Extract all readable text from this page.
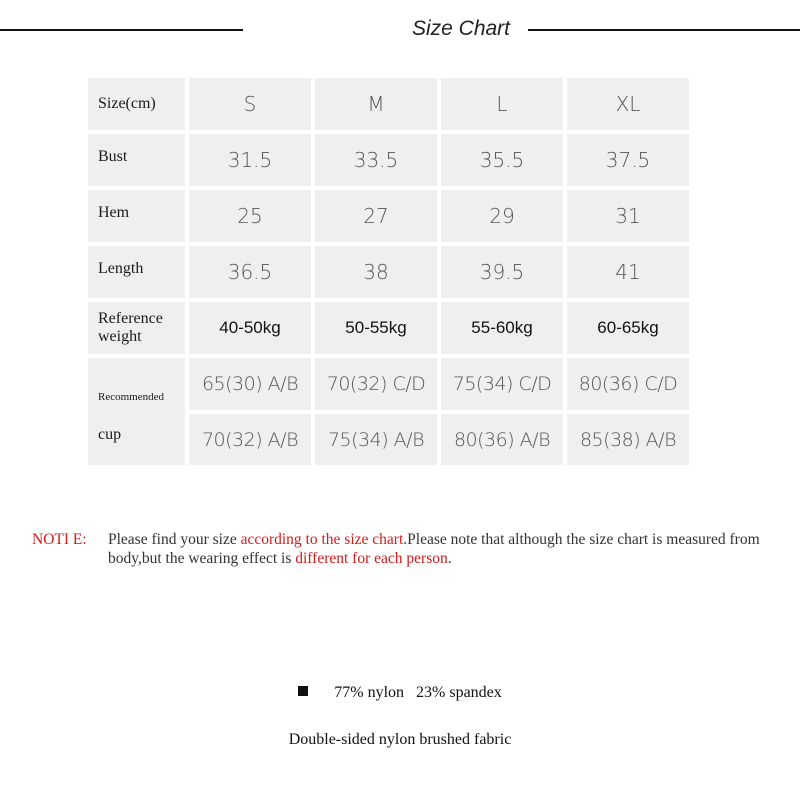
Size Chart
Size(cm)	S	M	L	XL
Bust	31.5	33.5	35.5	37.5
Hem	25	27	29	31
Length	36.5	38	39.5	41
Reference
weight	40-50kg	50-55kg	55-60kg	60-65kg

Recommended
cup	65(30) A/B	70(32) C/D	75(34) C/D	80(36) C/D
	70(32) A/B	75(34) A/B	80(36) A/B	85(38) A/B
NOTI E: Please find your size according to the size chart.Please note that although the size chart is measured from body,but the wearing effect is different for each person.
77% nylon   23% spandex
Double-sided nylon brushed fabric
